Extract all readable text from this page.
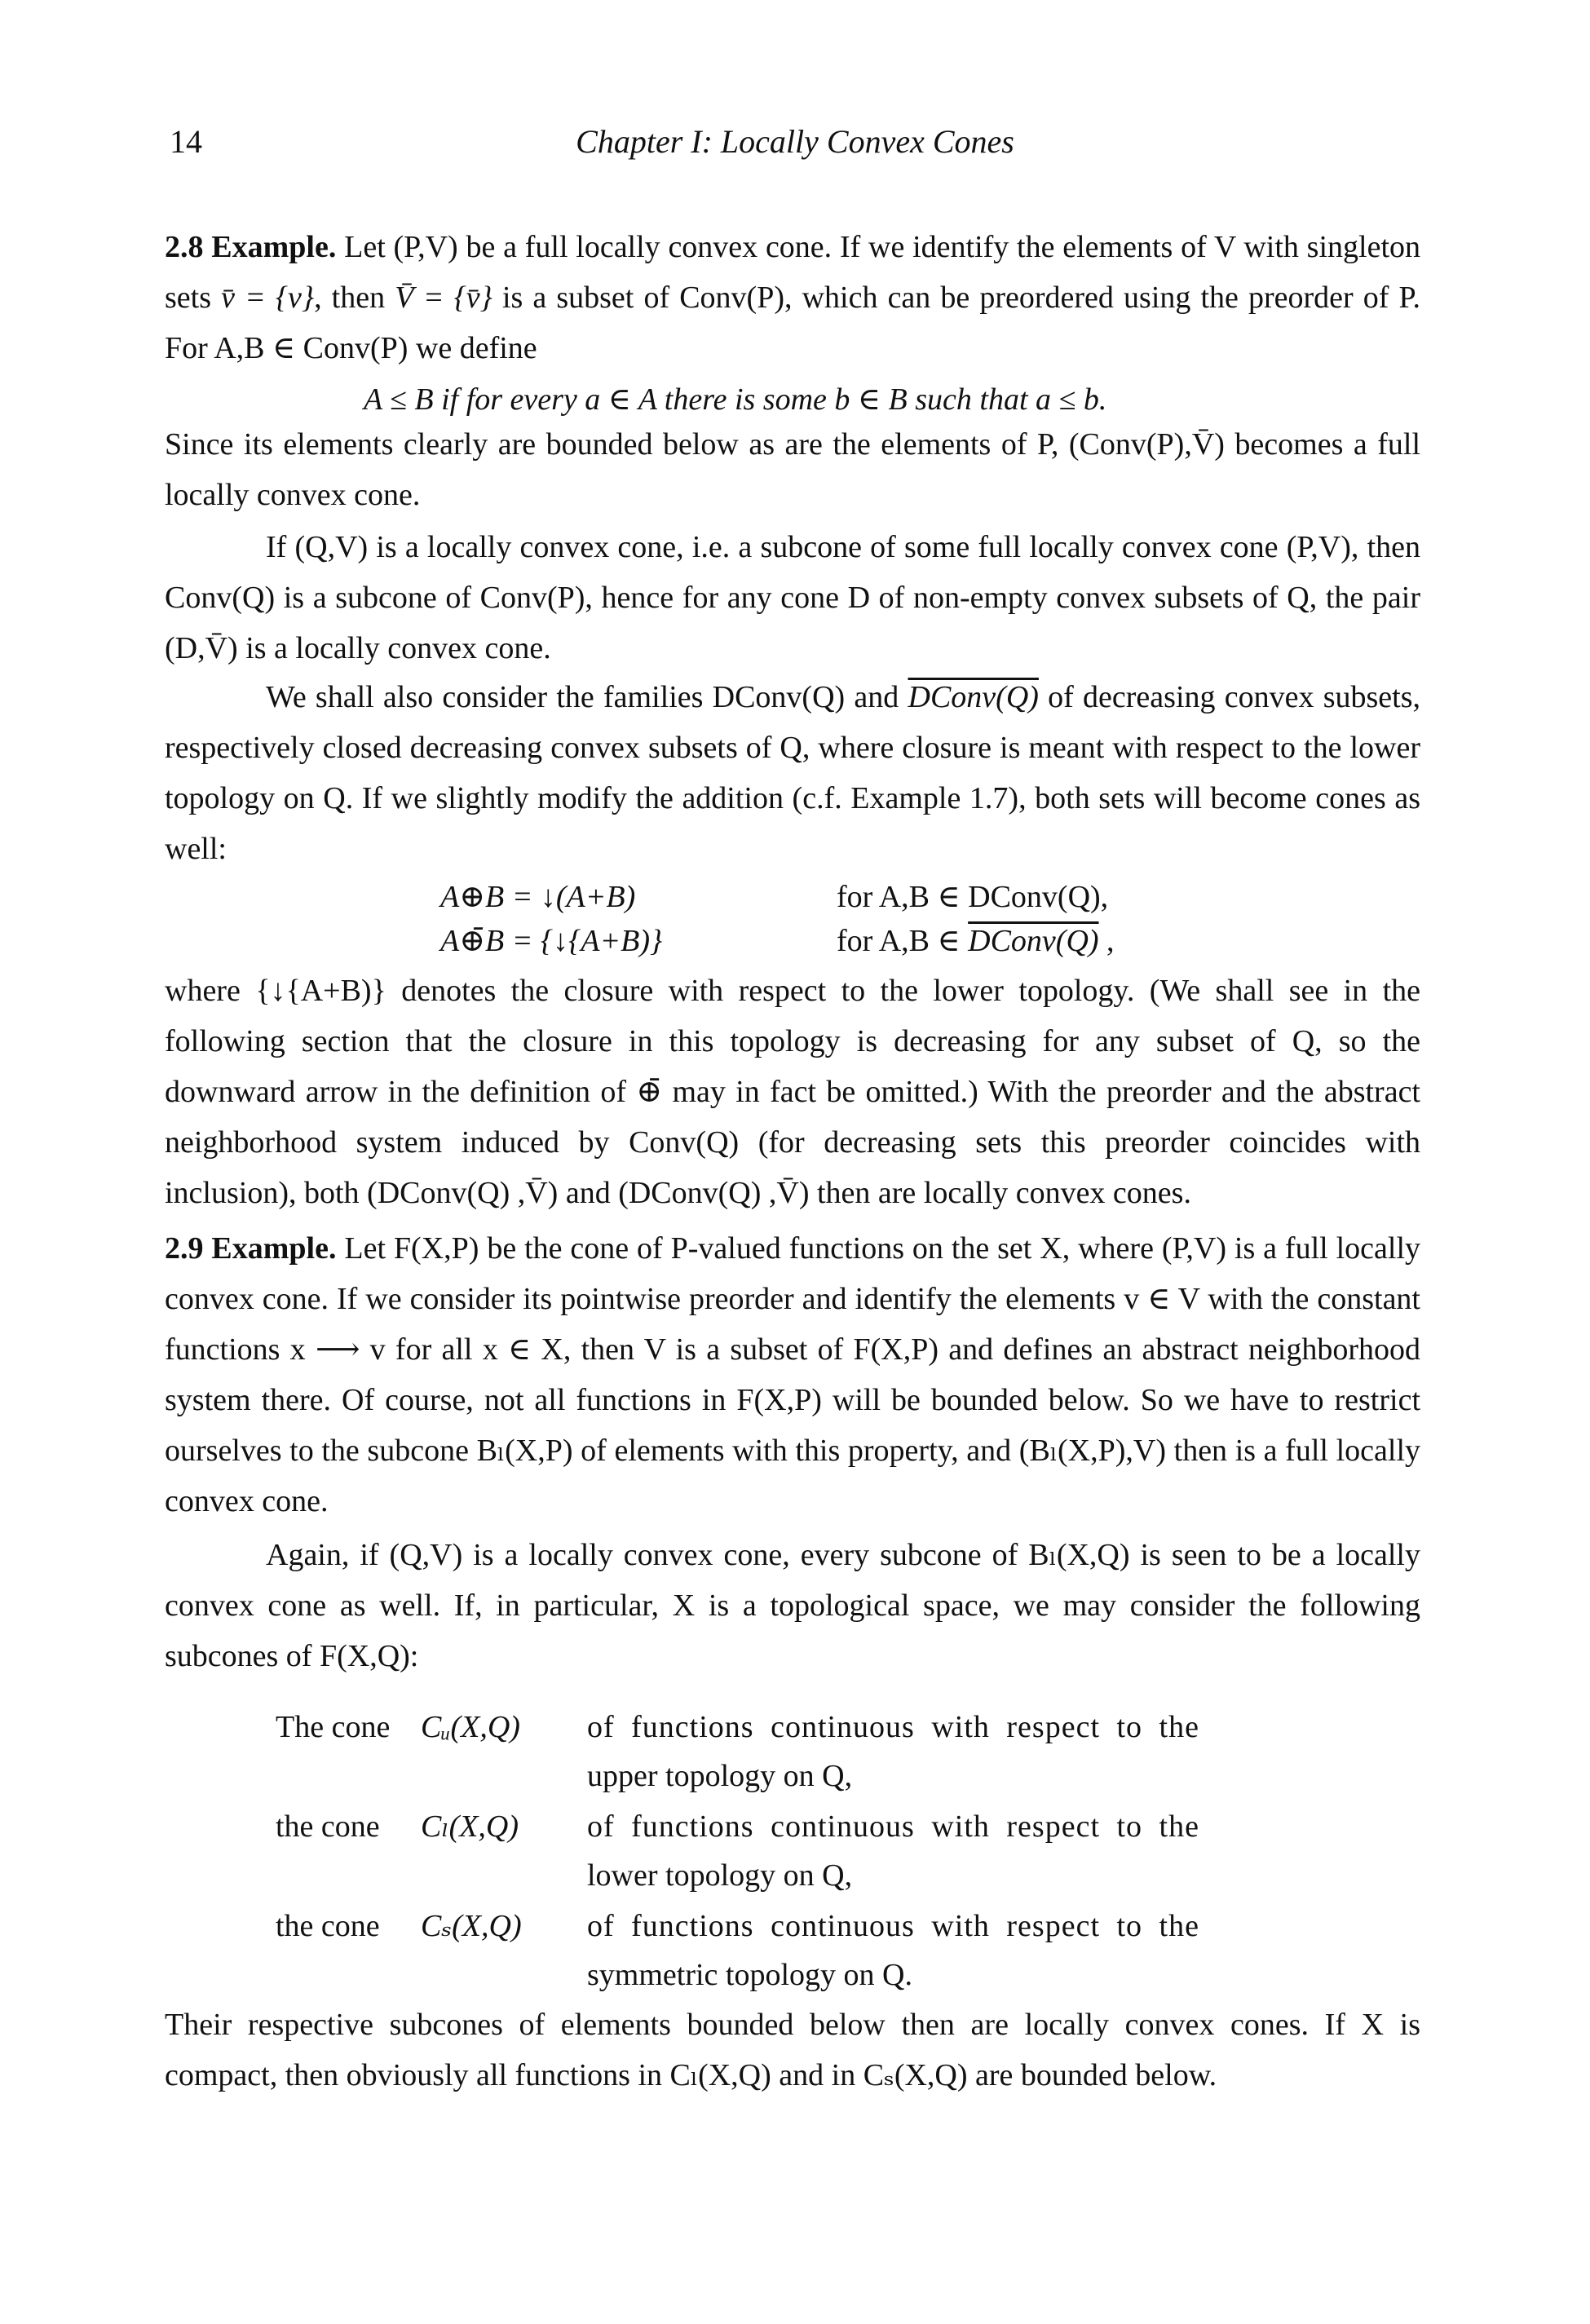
14	Chapter I: Locally Convex Cones
2.8 Example. Let (P,V) be a full locally convex cone. If we identify the elements of V with singleton sets v̄ = {v}, then V̄ = {v̄} is a subset of Conv(P), which can be preordered using the preorder of P. For A,B ∈ Conv(P) we define
A ≤ B if for every a ∈ A there is some b ∈ B such that a ≤ b.
Since its elements clearly are bounded below as are the elements of P, (Conv(P),V̄) becomes a full locally convex cone.
If (Q,V) is a locally convex cone, i.e. a subcone of some full locally convex cone (P,V), then Conv(Q) is a subcone of Conv(P), hence for any cone D of non-empty convex subsets of Q, the pair (D,V̄) is a locally convex cone.
We shall also consider the families DConv(Q) and DConv(Q) of decreasing convex subsets, respectively closed decreasing convex subsets of Q, where closure is meant with respect to the lower topology on Q. If we slightly modify the addition (c.f. Example 1.7), both sets will become cones as well:
A⊕B = ↓(A+B)	for A,B ∈ DConv(Q),
A⊕̄B = {↓{A+B)}	for A,B ∈ DConv(Q) ,
where {↓{A+B)} denotes the closure with respect to the lower topology. (We shall see in the following section that the closure in this topology is decreasing for any subset of Q, so the downward arrow in the definition of ⊕̄ may in fact be omitted.) With the preorder and the abstract neighborhood system induced by Conv(Q) (for decreasing sets this preorder coincides with inclusion), both (DConv(Q) ,V̄) and (DConv(Q) ,V̄) then are locally convex cones.
2.9 Example. Let F(X,P) be the cone of P-valued functions on the set X, where (P,V) is a full locally convex cone. If we consider its pointwise preorder and identify the elements v ∈ V with the constant functions x ⟶ v for all x ∈ X, then V is a subset of F(X,P) and defines an abstract neighborhood system there. Of course, not all functions in F(X,P) will be bounded below. So we have to restrict ourselves to the subcone Bₗ(X,P) of elements with this property, and (Bₗ(X,P),V) then is a full locally convex cone.
Again, if (Q,V) is a locally convex cone, every subcone of Bₗ(X,Q) is seen to be a locally convex cone as well. If, in particular, X is a topological space, we may consider the following subcones of F(X,Q):
The cone Cᵤ(X,Q) of functions continuous with respect to the
upper topology on Q,
the cone Cₗ(X,Q) of functions continuous with respect to the
lower topology on Q,
the cone Cₛ(X,Q) of functions continuous with respect to the
symmetric topology on Q.
Their respective subcones of elements bounded below then are locally convex cones. If X is compact, then obviously all functions in Cₗ(X,Q) and in Cₛ(X,Q) are bounded below.
